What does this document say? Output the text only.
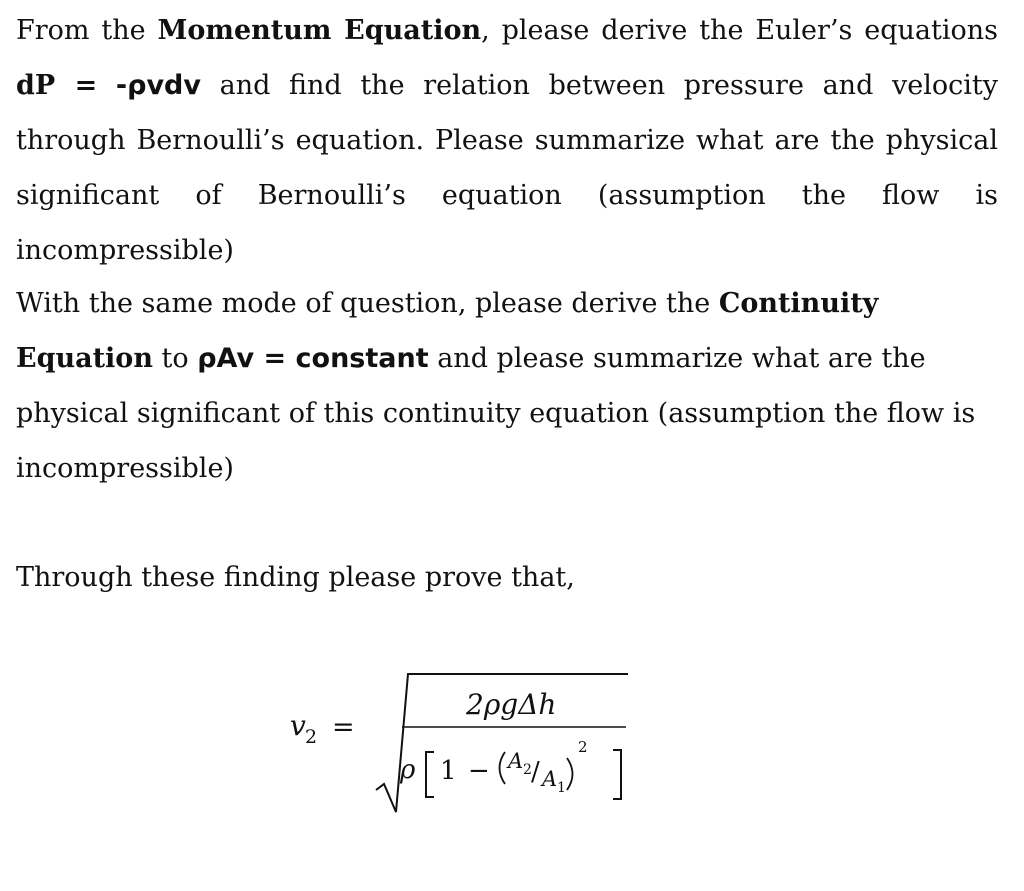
From the Momentum Equation, please derive the Euler’s equations dP = -ρvdv and find the relation between pressure and velocity through Bernoulli’s equation. Please summarize what are the physical significant of Bernoulli’s equation (assumption the flow is incompressible)

With the same mode of question, please derive the Continuity Equation to ρAv = constant and please summarize what are the physical significant of this continuity equation (assumption the flow is incompressible)

Through these finding please prove that,

v 2 =
2ρgΔh
ρ 1 − A 2 / A 1
2
